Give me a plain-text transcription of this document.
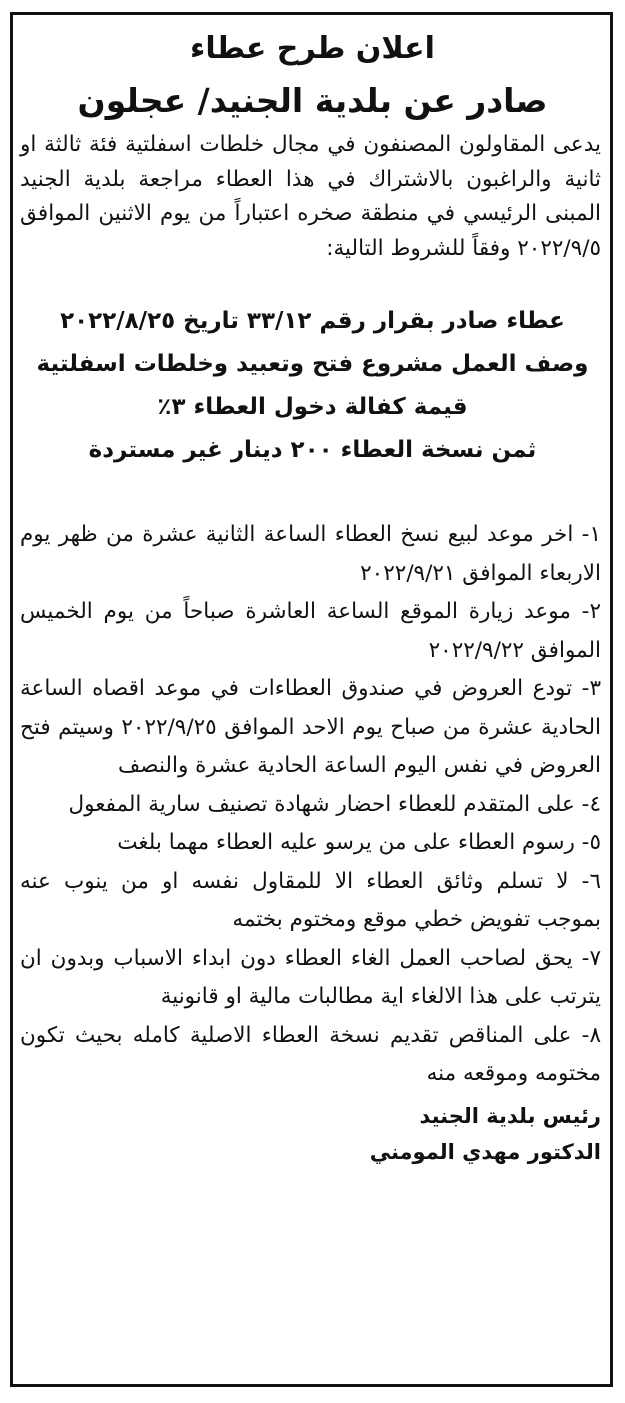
اعلان طرح عطاء
صادر عن بلدية الجنيد/ عجلون

يدعى المقاولون المصنفون في مجال خلطات اسفلتية فئة ثالثة او ثانية والراغبون بالاشتراك في هذا العطاء مراجعة بلدية الجنيد المبنى الرئيسي في منطقة صخره اعتباراً من يوم الاثنين الموافق ٢٠٢٢/٩/٥ وفقاً للشروط التالية:

عطاء صادر بقرار رقم ٣٣/١٢ تاريخ ٢٠٢٢/٨/٢٥
وصف العمل مشروع فتح وتعبيد وخلطات اسفلتية
قيمة كفالة دخول العطاء ٣٪
ثمن نسخة العطاء ٢٠٠ دينار غير مستردة
١- اخر موعد لبيع نسخ العطاء الساعة الثانية عشرة من ظهر يوم الاربعاء الموافق ٢٠٢٢/٩/٢١
٢- موعد زيارة الموقع الساعة العاشرة صباحاً من يوم الخميس الموافق ٢٠٢٢/٩/٢٢
٣- تودع العروض في صندوق العطاءات في موعد اقصاه الساعة الحادية عشرة من صباح يوم الاحد الموافق ٢٠٢٢/٩/٢٥ وسيتم فتح العروض في نفس اليوم الساعة الحادية عشرة والنصف
٤- على المتقدم للعطاء احضار شهادة تصنيف سارية المفعول
٥- رسوم العطاء على من يرسو عليه العطاء مهما بلغت
٦- لا تسلم وثائق العطاء الا للمقاول نفسه او من ينوب عنه بموجب تفويض خطي موقع ومختوم بختمه
٧- يحق لصاحب العمل الغاء العطاء دون ابداء الاسباب وبدون ان يترتب على هذا الالغاء اية مطالبات مالية او قانونية
٨- على المناقص تقديم نسخة العطاء الاصلية كامله بحيث تكون مختومه وموقعه منه
رئيس بلدية الجنيد
الدكتور مهدي المومني
